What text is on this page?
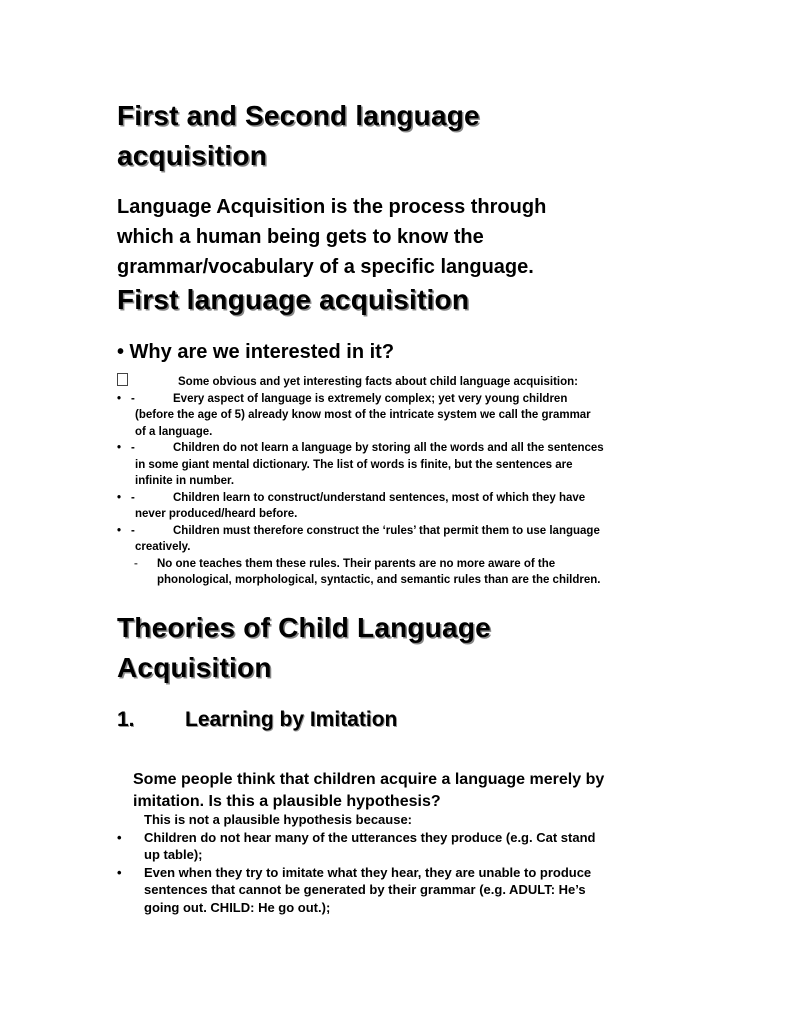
First and Second language
acquisition
Language Acquisition is the process through
which a human being gets to know the
grammar/vocabulary of a specific language.
First language acquisition
• Why are we interested in it?
Some obvious and yet interesting facts about child language acquisition:
• -	Every aspect of language is extremely complex; yet very young children
(before the age of 5) already know most of the intricate system we call the grammar
of a language.
• -	Children do not learn a language by storing all the words and all the sentences
in some giant mental dictionary. The list of words is finite, but the sentences are
infinite in number.
• -	Children learn to construct/understand sentences, most of which they have
never produced/heard before.
• -	Children must therefore construct the ‘rules’ that permit them to use language
creatively.
- No one teaches them these rules. Their parents are no more aware of the
phonological, morphological, syntactic, and semantic rules than are the children.
Theories of Child Language
Acquisition
1. Learning by Imitation
Some people think that children acquire a language merely by
imitation. Is this a plausible hypothesis?
This is not a plausible hypothesis because:
• Children do not hear many of the utterances they produce (e.g. Cat stand
up table);
• Even when they try to imitate what they hear, they are unable to produce
sentences that cannot be generated by their grammar (e.g. ADULT: He’s
going out. CHILD: He go out.);
